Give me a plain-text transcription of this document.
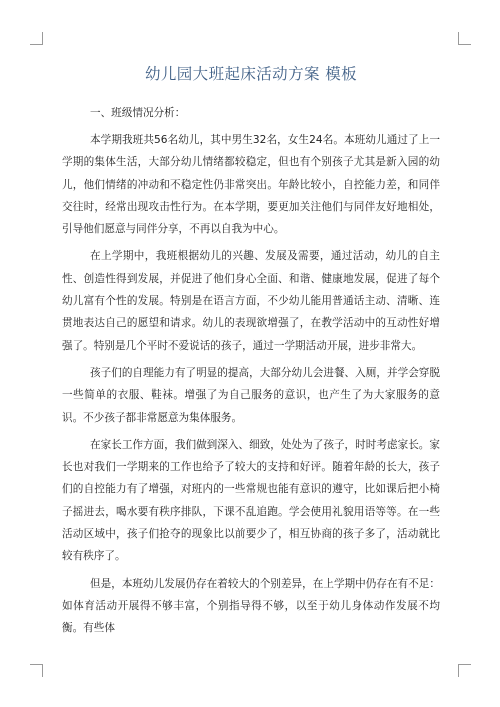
幼儿园大班起床活动方案 模板
一、班级情况分析：

本学期我班共56名幼儿，其中男生32名，女生24名。本班幼儿通过了上一学期的集体生活，大部分幼儿情绪都较稳定，但也有个别孩子尤其是新入园的幼儿，他们情绪的冲动和不稳定性仍非常突出。年龄比较小，自控能力差，和同伴交往时，经常出现攻击性行为。在本学期，要更加关注他们与同伴友好地相处，引导他们愿意与同伴分享，不再以自我为中心。

在上学期中，我班根据幼儿的兴趣、发展及需要，通过活动，幼儿的自主性、创造性得到发展，并促进了他们身心全面、和谐、健康地发展，促进了每个幼儿富有个性的发展。特别是在语言方面，不少幼儿能用普通话主动、清晰、连贯地表达自己的愿望和请求。幼儿的表现欲增强了，在教学活动中的互动性好增强了。特别是几个平时不爱说话的孩子，通过一学期活动开展，进步非常大。

孩子们的自理能力有了明显的提高，大部分幼儿会进餐、入厕，并学会穿脱一些简单的衣服、鞋袜。增强了为自己服务的意识，也产生了为大家服务的意识。不少孩子都非常愿意为集体服务。

在家长工作方面，我们做到深入、细致，处处为了孩子，时时考虑家长。家长也对我们一学期来的工作也给予了较大的支持和好评。随着年龄的长大，孩子们的自控能力有了增强，对班内的一些常规也能有意识的遵守，比如课后把小椅子摇进去，喝水要有秩序排队，下课不乱追跑。学会使用礼貌用语等等。在一些活动区域中，孩子们抢夺的现象比以前要少了，相互协商的孩子多了，活动就比较有秩序了。

但是，本班幼儿发展仍存在着较大的个别差异，在上学期中仍存在有不足：如体育活动开展得不够丰富，个别指导得不够，以至于幼儿身体动作发展不均衡。有些体
